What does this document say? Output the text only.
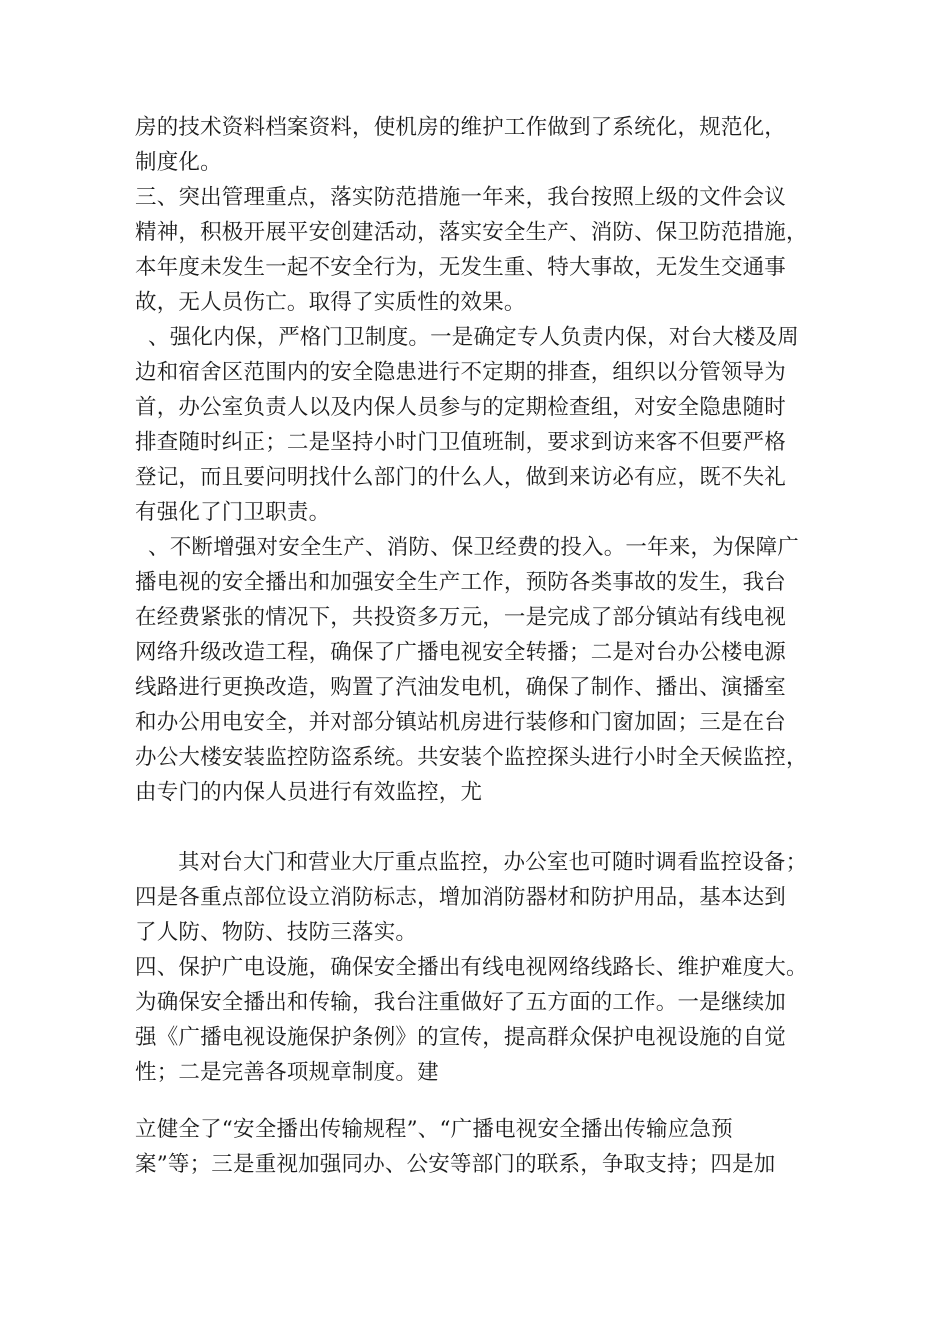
房的技术资料档案资料，使机房的维护工作做到了系统化，规范化，
制度化。
三、突出管理重点，落实防范措施一年来，我台按照上级的文件会议
精神，积极开展平安创建活动，落实安全生产、消防、保卫防范措施，
本年度未发生一起不安全行为，无发生重、特大事故，无发生交通事
故，无人员伤亡。取得了实质性的效果。
、强化内保，严格门卫制度。一是确定专人负责内保，对台大楼及周
边和宿舍区范围内的安全隐患进行不定期的排查，组织以分管领导为
首，办公室负责人以及内保人员参与的定期检查组，对安全隐患随时
排查随时纠正；二是坚持小时门卫值班制，要求到访来客不但要严格
登记，而且要问明找什么部门的什么人，做到来访必有应，既不失礼
有强化了门卫职责。
、不断增强对安全生产、消防、保卫经费的投入。一年来，为保障广
播电视的安全播出和加强安全生产工作，预防各类事故的发生，我台
在经费紧张的情况下，共投资多万元，一是完成了部分镇站有线电视
网络升级改造工程，确保了广播电视安全转播；二是对台办公楼电源
线路进行更换改造，购置了汽油发电机，确保了制作、播出、演播室
和办公用电安全，并对部分镇站机房进行装修和门窗加固；三是在台
办公大楼安装监控防盗系统。共安装个监控探头进行小时全天候监控，
由专门的内保人员进行有效监控，尤
其对台大门和营业大厅重点监控，办公室也可随时调看监控设备；
四是各重点部位设立消防标志，增加消防器材和防护用品，基本达到
了人防、物防、技防三落实。
四、保护广电设施，确保安全播出有线电视网络线路长、维护难度大。
为确保安全播出和传输，我台注重做好了五方面的工作。一是继续加
强《广播电视设施保护条例》的宣传，提高群众保护电视设施的自觉
性；二是完善各项规章制度。建
立健全了“安全播出传输规程”、“广播电视安全播出传输应急预
案”等；三是重视加强同办、公安等部门的联系，争取支持；四是加
